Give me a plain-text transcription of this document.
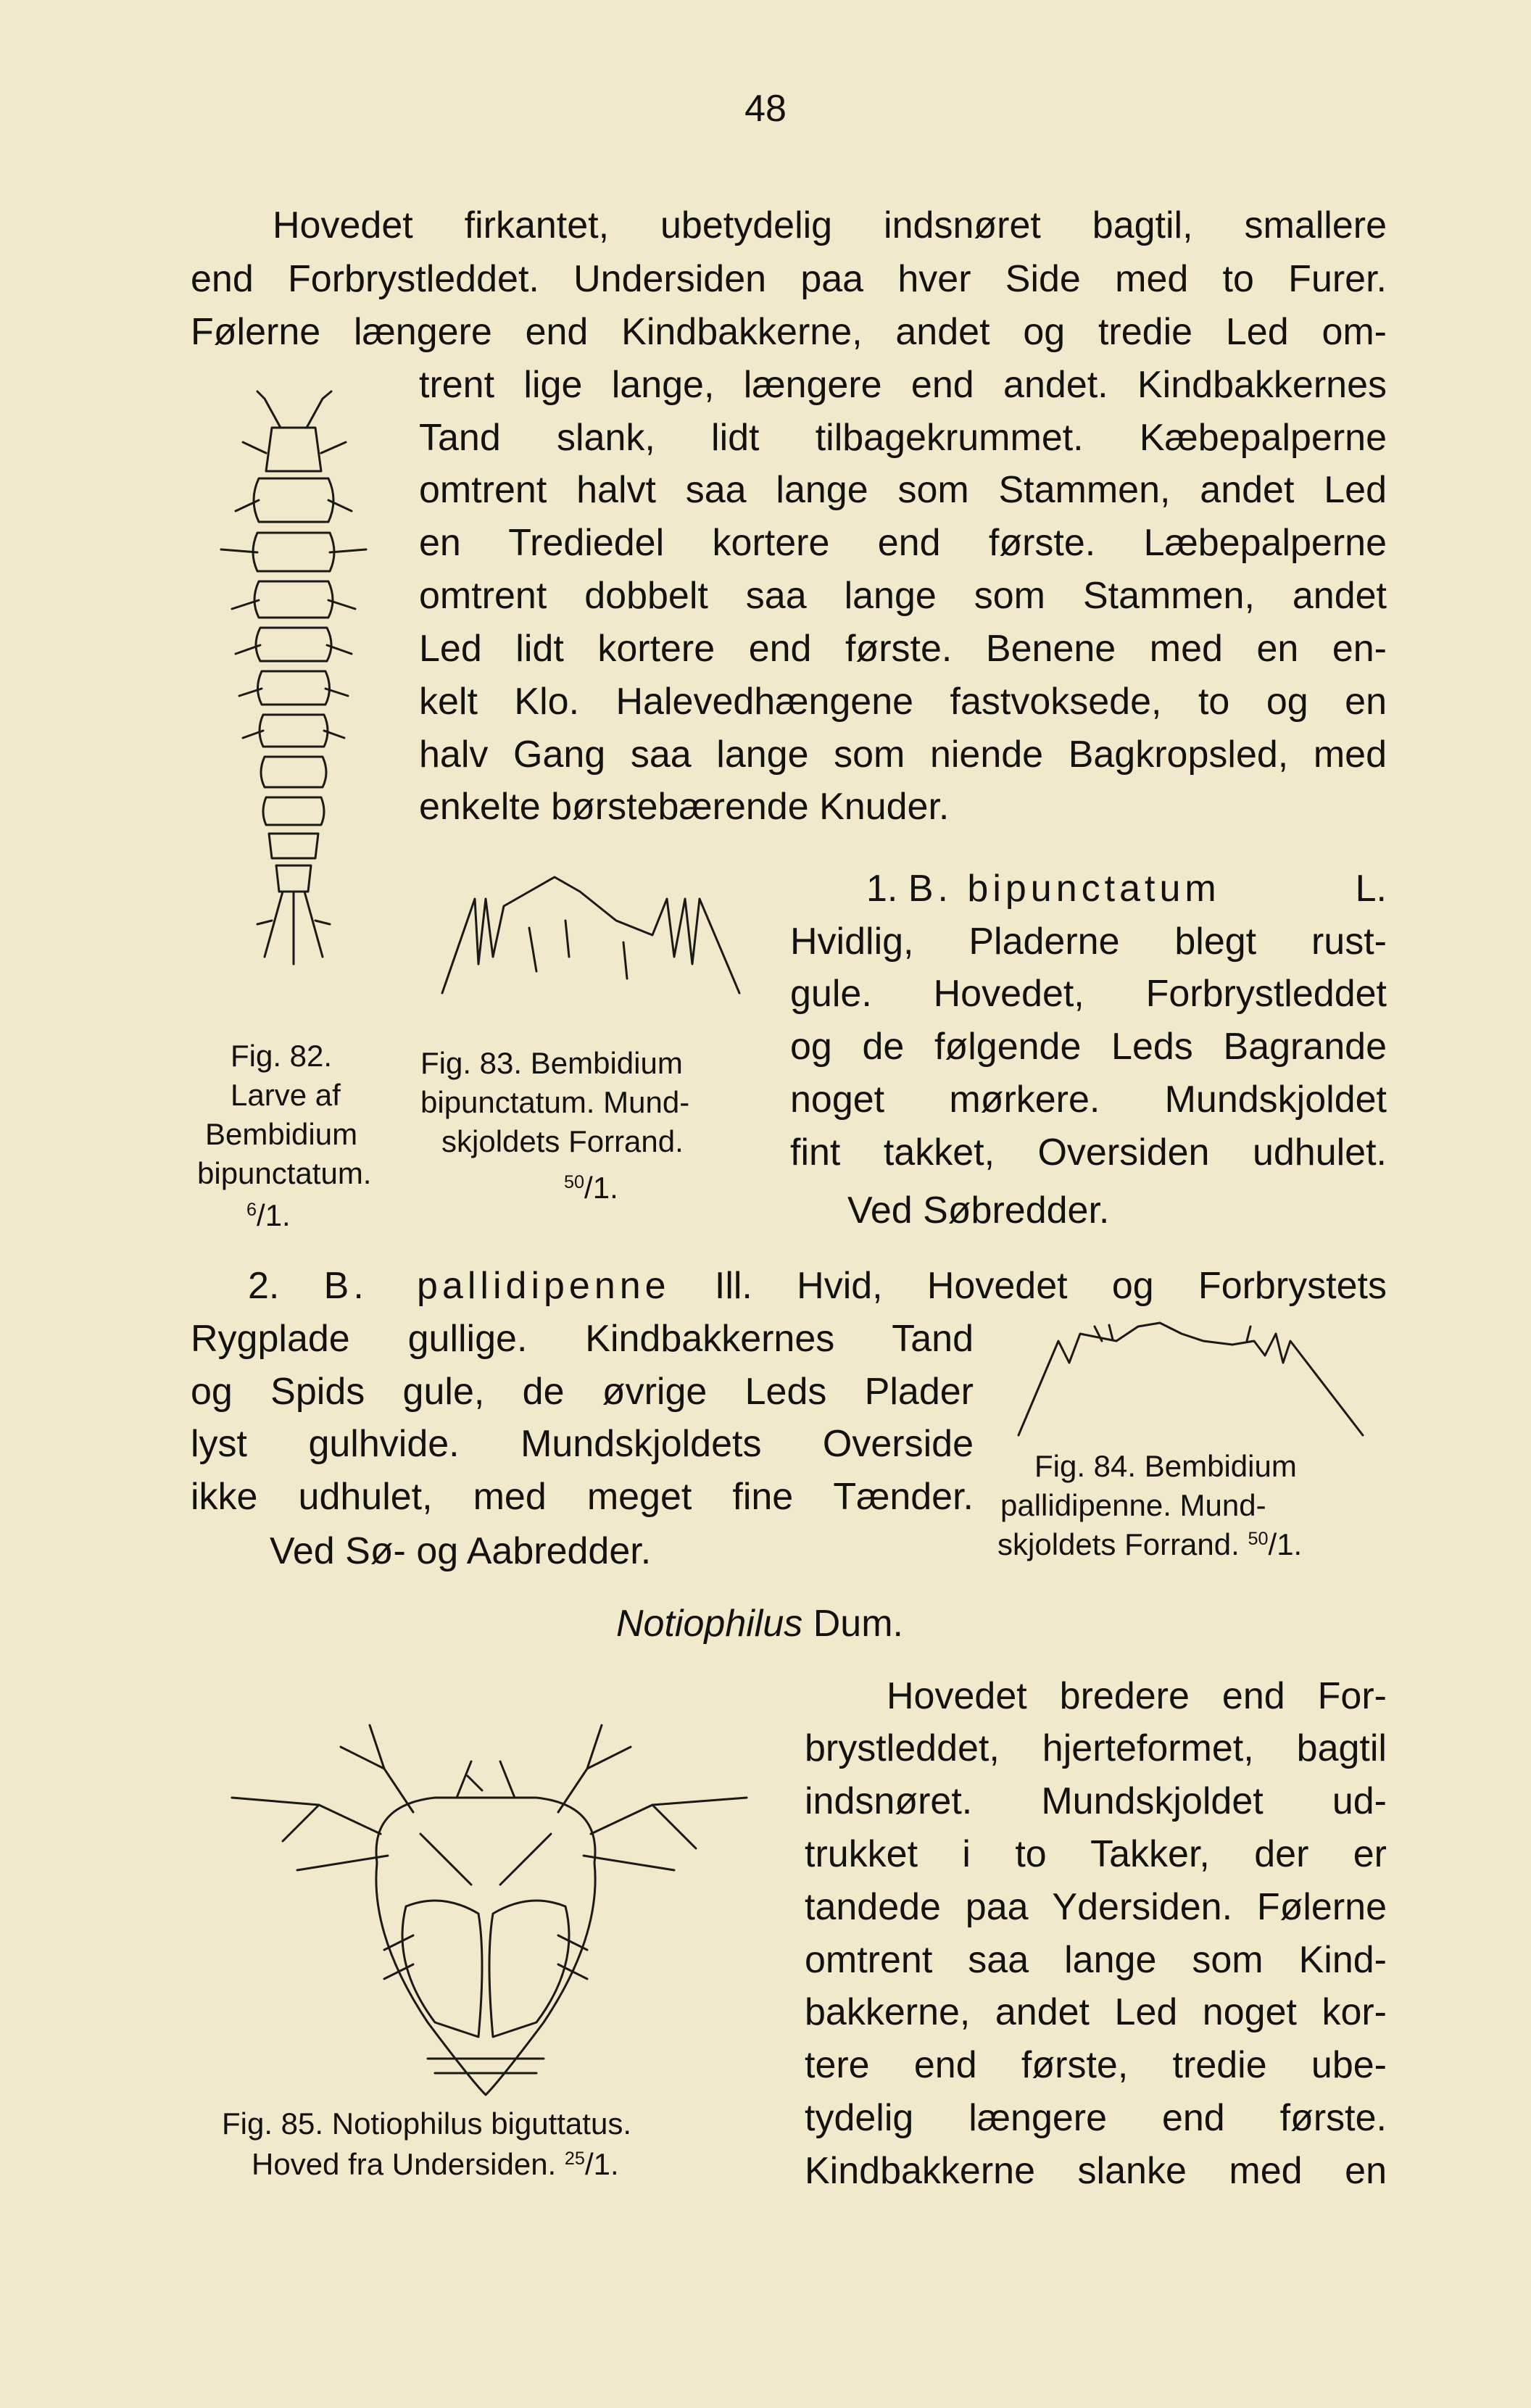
48
Hovedet firkantet, ubetydelig indsnøret bagtil, smallere
end Forbrystleddet. Undersiden paa hver Side med to Furer.
Følerne længere end Kindbakkerne, andet og tredie Led om-
trent lige lange, længere end andet. Kindbakkernes
Tand slank, lidt tilbagekrummet. Kæbepalperne
omtrent halvt saa lange som Stammen, andet Led
en Trediedel kortere end første. Læbepalperne
omtrent dobbelt saa lange som Stammen, andet
Led lidt kortere end første. Benene med en en-
kelt Klo. Halevedhængene fastvoksede, to og en
halv Gang saa lange som niende Bagkropsled, med
enkelte børstebærende Knuder.
Fig. 82.
Larve af
Bembidium
bipunctatum.
$^6$/1.
Fig. 83. Bembidium
bipunctatum. Mund-
skjoldets Forrand.
$^{50}$/1.
1. B. bipunctatum	L.
Hvidlig, Pladerne blegt rust-
gule. Hovedet, Forbrystleddet
og de følgende Leds Bagrande
noget mørkere. Mundskjoldet
fint takket, Oversiden udhulet.
Ved Søbredder.
2. B. pallidipenne Ill. Hvid, Hovedet og Forbrystets
Rygplade gullige. Kindbakkernes Tand
og Spids gule, de øvrige Leds Plader
lyst gulhvide. Mundskjoldets Overside
ikke udhulet, med meget fine Tænder.
Ved Sø- og Aabredder.
Fig. 84. Bembidium
pallidipenne. Mund-
skjoldets Forrand. $^{50}$/1.
Notiophilus Dum.
Hovedet bredere end For-
brystleddet, hjerteformet, bagtil
indsnøret. Mundskjoldet ud-
trukket i to Takker, der er
tandede paa Ydersiden. Følerne
omtrent saa lange som Kind-
bakkerne, andet Led noget kor-
tere end første, tredie ube-
tydelig længere end første.
Kindbakkerne slanke med en
Fig. 85. Notiophilus biguttatus.
Hoved fra Undersiden. $^{25}$/1.
